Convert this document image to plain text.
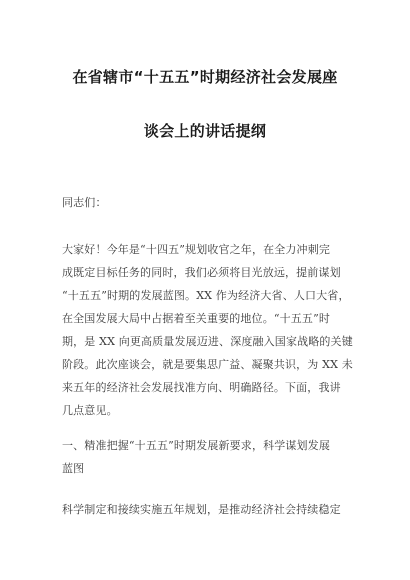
在省辖市“十五五”时期经济社会发展座
谈会上的讲话提纲
同志们：
大家好！今年是“十四五”规划收官之年，在全力冲刺完
成既定目标任务的同时，我们必须将目光放远，提前谋划
“十五五”时期的发展蓝图。XX 作为经济大省、人口大省，
在全国发展大局中占据着至关重要的地位。“十五五”时
期，是 XX 向更高质量发展迈进、深度融入国家战略的关键
阶段。此次座谈会，就是要集思广益、凝聚共识，为 XX 未
来五年的经济社会发展找准方向、明确路径。下面，我讲
几点意见。
一、精准把握“十五五”时期发展新要求，科学谋划发展
蓝图
科学制定和接续实施五年规划，是推动经济社会持续稳定
